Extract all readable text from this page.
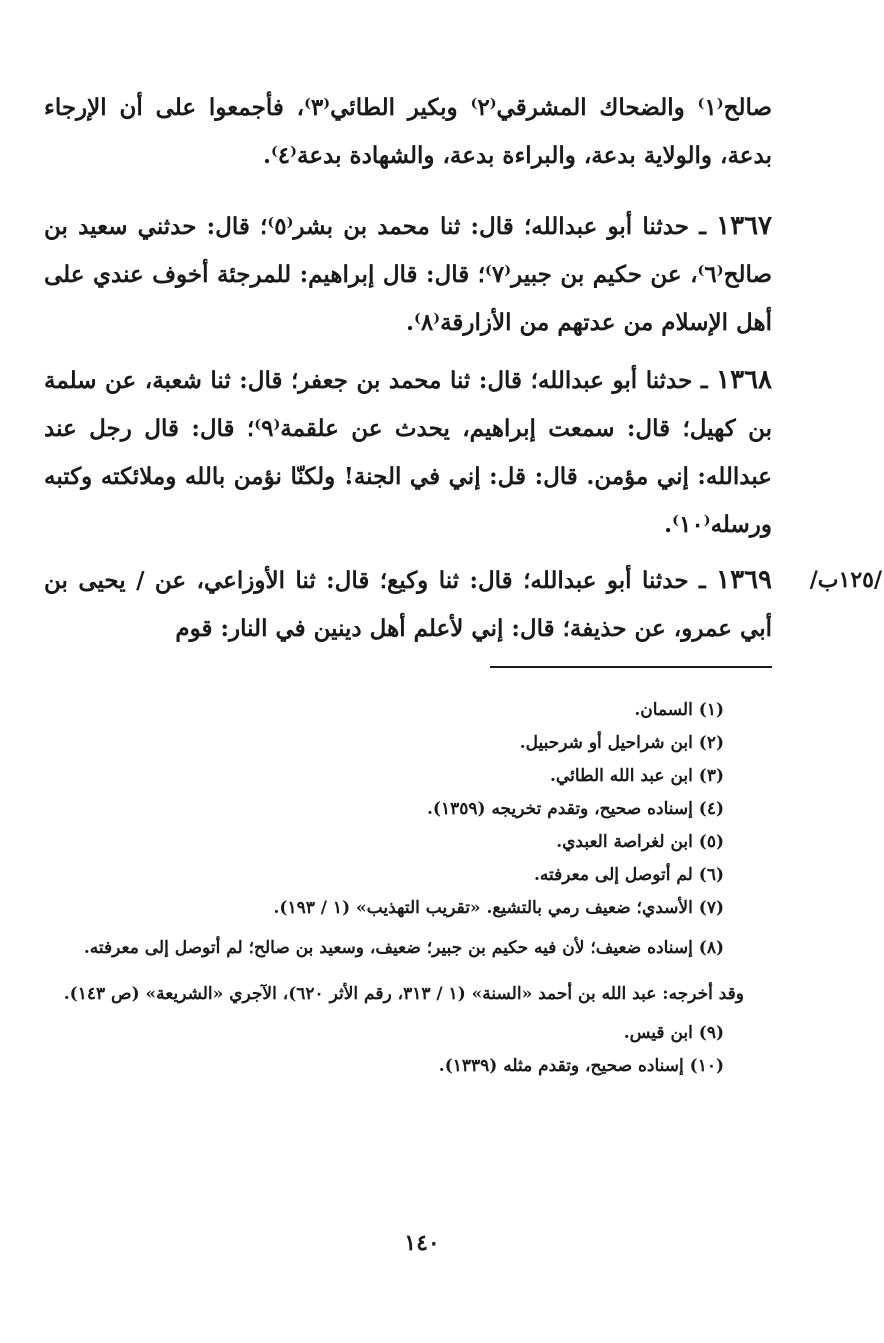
صالح⁽١⁾ والضحاك المشرقي⁽٢⁾ وبكير الطائي⁽٣⁾، فأجمعوا على أن الإرجاء بدعة، والولاية بدعة، والبراءة بدعة، والشهادة بدعة⁽٤⁾.

١٣٦٧ ـ حدثنا أبو عبدالله؛ قال: ثنا محمد بن بشر⁽٥⁾؛ قال: حدثني سعيد بن صالح⁽٦⁾، عن حكيم بن جبير⁽٧⁾؛ قال: قال إبراهيم: للمرجئة أخوف عندي على أهل الإسلام من عدتهم من الأزارقة⁽٨⁾.

١٣٦٨ ـ حدثنا أبو عبدالله؛ قال: ثنا محمد بن جعفر؛ قال: ثنا شعبة، عن سلمة بن كهيل؛ قال: سمعت إبراهيم، يحدث عن علقمة⁽٩⁾؛ قال: قال رجل عند عبدالله: إني مؤمن. قال: قل: إني في الجنة! ولكنّا نؤمن بالله وملائكته وكتبه ورسله⁽١٠⁾.

١٣٦٩ ـ حدثنا أبو عبدالله؛ قال: ثنا وكيع؛ قال: ثنا الأوزاعي، عن / يحيى بن أبي عمرو، عن حذيفة؛ قال: إني لأعلم أهل دينين في النار: قوم

/١٢٥ب/

(١) السمان.

(٢) ابن شراحيل أو شرحبيل.

(٣) ابن عبد الله الطائي.

(٤) إسناده صحيح، وتقدم تخريجه (١٣٥٩).

(٥) ابن لغراصة العبدي.

(٦) لم أتوصل إلى معرفته.

(٧) الأسدي؛ ضعيف رمي بالتشيع. «تقريب التهذيب» (١ / ١٩٣).

(٨) إسناده ضعيف؛ لأن فيه حكيم بن جبير؛ ضعيف، وسعيد بن صالح؛ لم أتوصل إلى معرفته.

وقد أخرجه: عبد الله بن أحمد «السنة» (١ / ٣١٣، رقم الأثر ٦٢٠)، الآجري «الشريعة» (ص ١٤٣).

(٩) ابن قيس.

(١٠) إسناده صحيح، وتقدم مثله (١٣٣٩).

١٤٠
